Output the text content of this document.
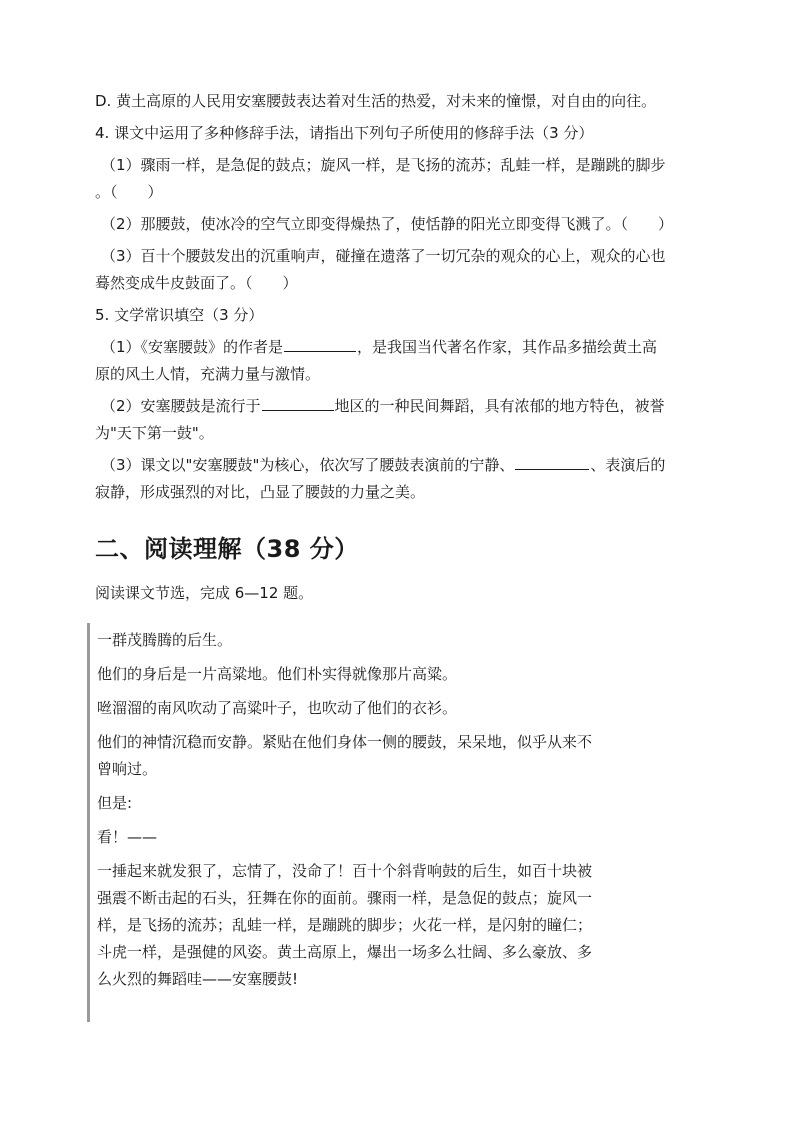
D. 黄土高原的人民用安塞腰鼓表达着对生活的热爱，对未来的憧憬，对自由的向往。

4. 课文中运用了多种修辞手法，请指出下列句子所使用的修辞手法（3 分）

（1）骤雨一样，是急促的鼓点；旋风一样，是飞扬的流苏；乱蛙一样，是蹦跳的脚步

。（　　）

（2）那腰鼓，使冰冷的空气立即变得燥热了，使恬静的阳光立即变得飞溅了。（　　）

（3）百十个腰鼓发出的沉重响声，碰撞在遗落了一切冗杂的观众的心上，观众的心也

蓦然变成牛皮鼓面了。（　　）

5. 文学常识填空（3 分）

（1）《安塞腰鼓》的作者是	，是我国当代著名作家，其作品多描绘黄土高

原的风土人情，充满力量与激情。

（2）安塞腰鼓是流行于	地区的一种民间舞蹈，具有浓郁的地方特色，被誉

为"天下第一鼓"。

（3）课文以"安塞腰鼓"为核心，依次写了腰鼓表演前的宁静、	、表演后的

寂静，形成强烈的对比，凸显了腰鼓的力量之美。

二、阅读理解（38 分）

阅读课文节选，完成 6—12 题。

一群茂腾腾的后生。

他们的身后是一片高粱地。他们朴实得就像那片高粱。

咝溜溜的南风吹动了高粱叶子，也吹动了他们的衣衫。

他们的神情沉稳而安静。紧贴在他们身体一侧的腰鼓，呆呆地，似乎从来不
曾响过。

但是:

看！——

一捶起来就发狠了，忘情了，没命了！百十个斜背响鼓的后生，如百十块被
强震不断击起的石头，狂舞在你的面前。骤雨一样，是急促的鼓点；旋风一
样，是飞扬的流苏；乱蛙一样，是蹦跳的脚步；火花一样，是闪射的瞳仁；
斗虎一样，是强健的风姿。黄土高原上，爆出一场多么壮阔、多么豪放、多
么火烈的舞蹈哇——安塞腰鼓!
